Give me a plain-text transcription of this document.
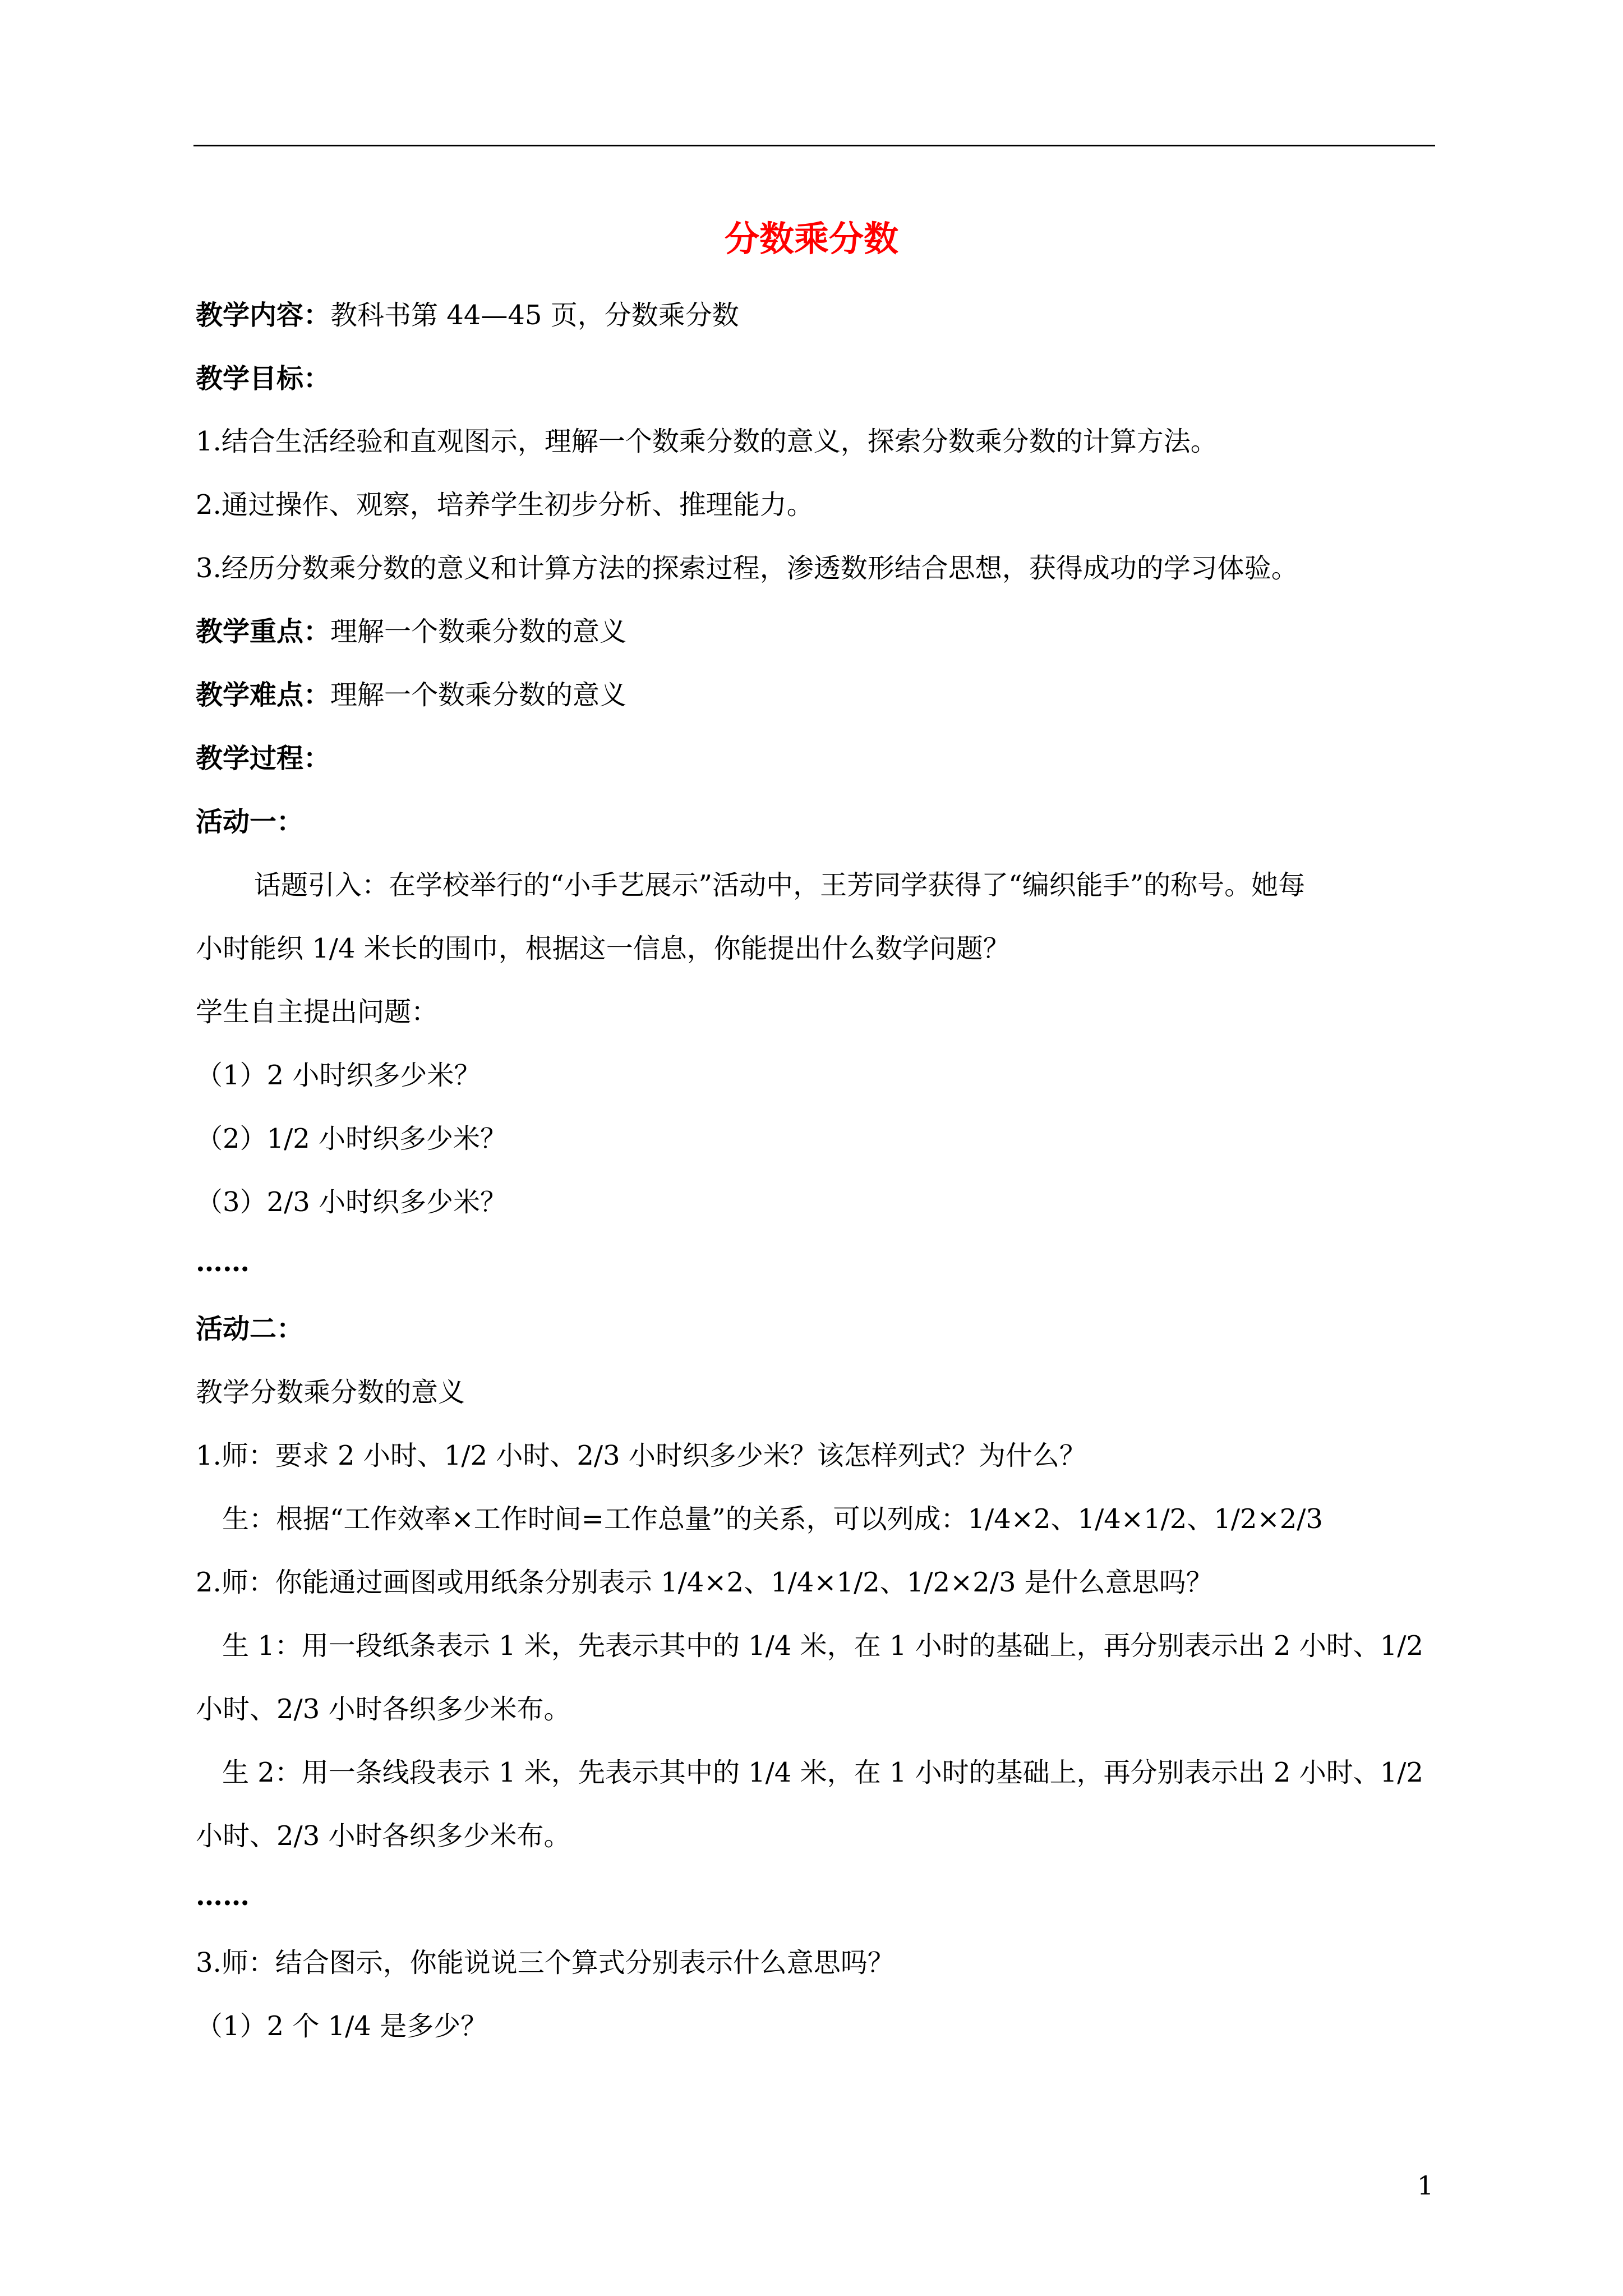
分数乘分数
教学内容：教科书第 44—45 页，分数乘分数
教学目标：
1.结合生活经验和直观图示，理解一个数乘分数的意义，探索分数乘分数的计算方法。
2.通过操作、观察，培养学生初步分析、推理能力。
3.经历分数乘分数的意义和计算方法的探索过程，渗透数形结合思想，获得成功的学习体验。
教学重点：理解一个数乘分数的意义
教学难点：理解一个数乘分数的意义
教学过程：
活动一：
话题引入：在学校举行的“小手艺展示”活动中，王芳同学获得了“编织能手”的称号。她每
小时能织 1/4 米长的围巾，根据这一信息，你能提出什么数学问题？
学生自主提出问题：
（1）2 小时织多少米？
（2）1/2 小时织多少米？
（3）2/3 小时织多少米？
……
活动二：
教学分数乘分数的意义
1.师：要求 2 小时、1/2 小时、2/3 小时织多少米？该怎样列式？为什么？
生：根据“工作效率×工作时间=工作总量”的关系，可以列成：1/4×2、1/4×1/2、1/2×2/3
2.师：你能通过画图或用纸条分别表示 1/4×2、1/4×1/2、1/2×2/3 是什么意思吗？
生 1：用一段纸条表示 1 米，先表示其中的 1/4 米，在 1 小时的基础上，再分别表示出 2 小时、1/2
小时、2/3 小时各织多少米布。
生 2：用一条线段表示 1 米，先表示其中的 1/4 米，在 1 小时的基础上，再分别表示出 2 小时、1/2
小时、2/3 小时各织多少米布。
……
3.师：结合图示，你能说说三个算式分别表示什么意思吗？
（1）2 个 1/4 是多少？
1
